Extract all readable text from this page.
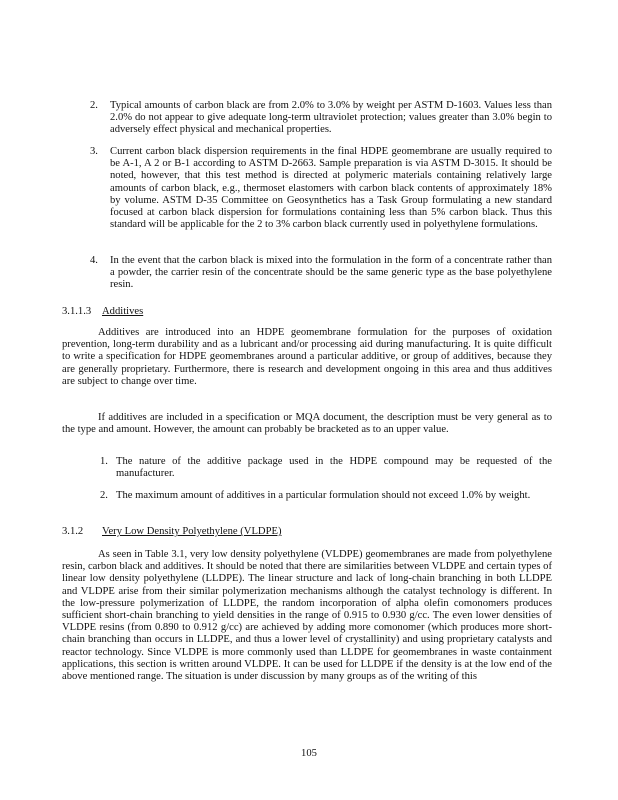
2.	Typical amounts of carbon black are from 2.0% to 3.0% by weight per ASTM D-1603. Values less than 2.0% do not appear to give adequate long-term ultraviolet protection; values greater than 3.0% begin to adversely effect physical and mechanical properties.
3.	Current carbon black dispersion requirements in the final HDPE geomembrane are usually required to be A-1, A 2 or B-1 according to ASTM D-2663. Sample preparation is via ASTM D-3015. It should be noted, however, that this test method is directed at polymeric materials containing relatively large amounts of carbon black, e.g., thermoset elastomers with carbon black contents of approximately 18% by volume. ASTM D-35 Committee on Geosynthetics has a Task Group formulating a new standard focused at carbon black dispersion for formulations containing less than 5% carbon black. Thus this standard will be applicable for the 2 to 3% carbon black currently used in polyethylene formulations.
4.	In the event that the carbon black is mixed into the formulation in the form of a concentrate rather than a powder, the carrier resin of the concentrate should be the same generic type as the base polyethylene resin.
3.1.1.3 Additives

Additives are introduced into an HDPE geomembrane formulation for the purposes of oxidation prevention, long-term durability and as a lubricant and/or processing aid during manufacturing. It is quite difficult to write a specification for HDPE geomembranes around a particular additive, or group of additives, because they are generally proprietary. Furthermore, there is research and development ongoing in this area and thus additives are subject to change over time.

If additives are included in a specification or MQA document, the description must be very general as to the type and amount. However, the amount can probably be bracketed as to an upper value.

1. The nature of the additive package used in the HDPE compound may be requested of the manufacturer.
2. The maximum amount of additives in a particular formulation should not exceed 1.0% by weight.
3.1.2 Very Low Density Polyethylene (VLDPE)

As seen in Table 3.1, very low density polyethylene (VLDPE) geomembranes are made from polyethylene resin, carbon black and additives. It should be noted that there are similarities between VLDPE and certain types of linear low density polyethylene (LLDPE). The linear structure and lack of long-chain branching in both LLDPE and VLDPE arise from their similar polymerization mechanisms although the catalyst technology is different. In the low-pressure polymerization of LLDPE, the random incorporation of alpha olefin comonomers produces sufficient short-chain branching to yield densities in the range of 0.915 to 0.930 g/cc. The even lower densities of VLDPE resins (from 0.890 to 0.912 g/cc) are achieved by adding more comonomer (which produces more short-chain branching than occurs in LLDPE, and thus a lower level of crystallinity) and using proprietary catalysts and reactor technology. Since VLDPE is more commonly used than LLDPE for geomembranes in waste containment applications, this section is written around VLDPE. It can be used for LLDPE if the density is at the low end of the above mentioned range. The situation is under discussion by many groups as of the writing of this

105
